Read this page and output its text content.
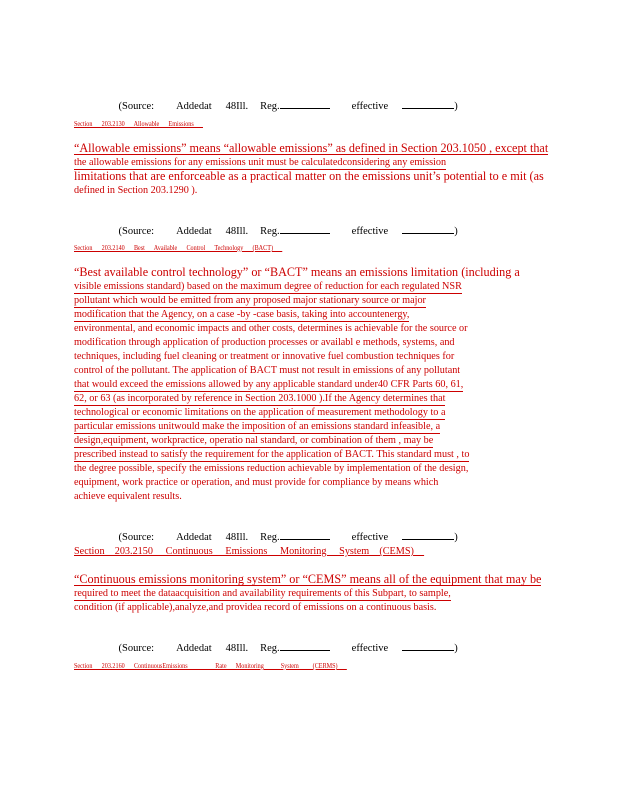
(Source: Addedat 48Ill. Reg.	effective	)

Section      203.2130      Allowable      Emissions
“Allowable emissions” means “allowable emissions” as defined in Section 203.1050 , except that
the allowable emissions for any emissions unit must be calculatedconsidering any emission
limitations that are enforceable as a practical matter on the emissions unit’s potential to e mit (as
defined in Section 203.1290 ).

(Source: Addedat 48Ill. Reg.	effective	)

Section      203.2140      Best      Available      Control      Technology      (BACT)
“Best available control technology” or “BACT” means an emissions limitation (including a
visible emissions standard) based on the maximum degree of reduction for each regulated NSR
pollutant which would be emitted from any proposed major stationary source or major
modification that the Agency, on a case -by -case basis, taking into accountenergy,
environmental, and economic impacts and other costs, determines is achievable for the source or
modification through application of production processes or availabl e methods, systems, and
techniques, including fuel cleaning or treatment or innovative fuel combustion techniques for
control of the pollutant. The application of BACT must not result in emissions of any pollutant
that would exceed the emissions allowed by any applicable standard under40 CFR Parts 60, 61,
62, or 63 (as incorporated by reference in Section 203.1000 ).If the Agency determines that
technological or economic limitations on the application of measurement methodology to a
particular emissions unitwould make the imposition of an emissions standard infeasible, a
design,equipment, workpractice, operatio nal standard, or combination of them , may be
prescribed instead to satisfy the requirement for the application of BACT. This standard must , to
the degree possible, specify the emissions reduction achievable by implementation of the design,
equipment, work practice or operation, and must provide for compliance by means which
achieve equivalent results.

(Source: Addedat 48Ill. Reg.	effective	)

Section    203.2150     Continuous     Emissions     Monitoring     System    (CEMS)
“Continuous emissions monitoring system” or “CEMS” means all of the equipment that may be
required to meet the dataacquisition and availability requirements of this Subpart, to sample,
condition (if applicable),analyze,and providea record of emissions on a continuous basis.

(Source: Addedat 48Ill. Reg.	effective	)

Section      203.2160      ContinuousEmissions                  Rate      Monitoring           System         (CERMS)
